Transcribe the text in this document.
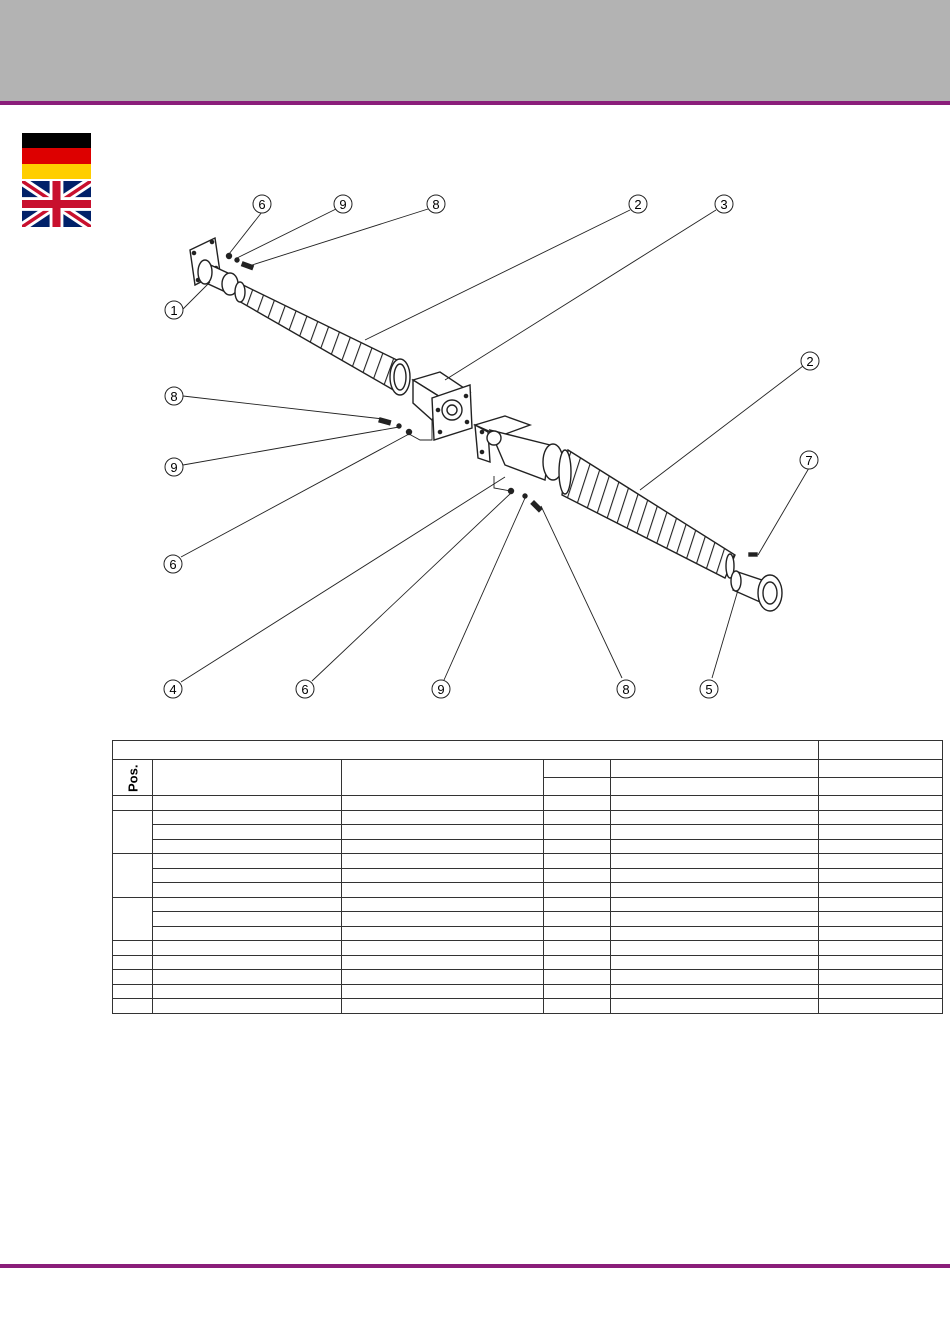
6	9	8	2	3
1
2
8
7
9
6
4	6	9	8	5

Pos.					
